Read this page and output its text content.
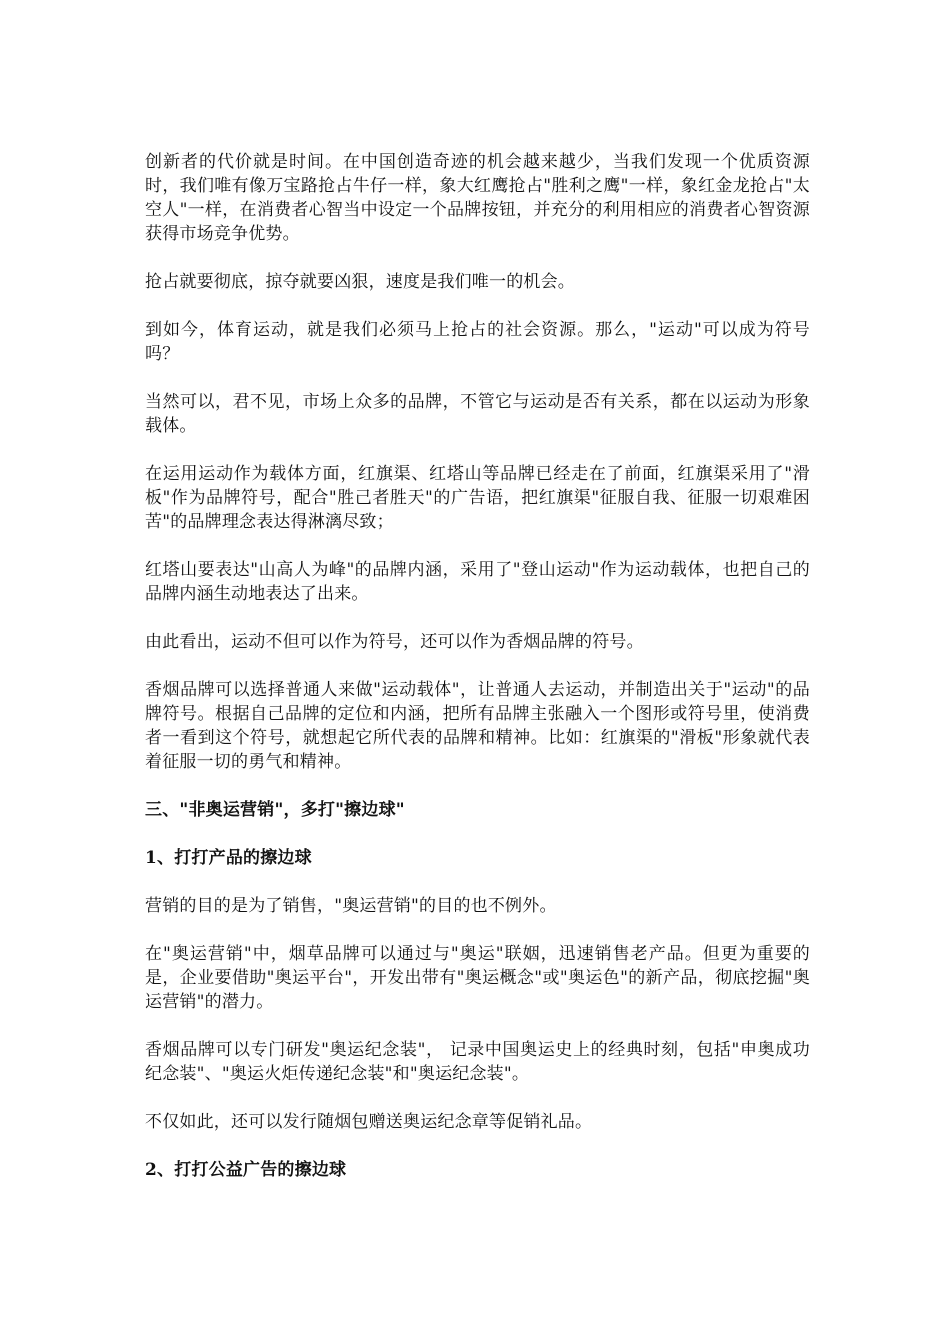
创新者的代价就是时间。在中国创造奇迹的机会越来越少，当我们发现一个优质资源时，我们唯有像万宝路抢占牛仔一样，象大红鹰抢占"胜利之鹰"一样，象红金龙抢占"太空人"一样，在消费者心智当中设定一个品牌按钮，并充分的利用相应的消费者心智资源获得市场竞争优势。

抢占就要彻底，掠夺就要凶狠，速度是我们唯一的机会。

到如今，体育运动，就是我们必须马上抢占的社会资源。那么，"运动"可以成为符号吗？

当然可以，君不见，市场上众多的品牌，不管它与运动是否有关系，都在以运动为形象载体。

在运用运动作为载体方面，红旗渠、红塔山等品牌已经走在了前面，红旗渠采用了"滑板"作为品牌符号，配合"胜己者胜天"的广告语，把红旗渠"征服自我、征服一切艰难困苦"的品牌理念表达得淋漓尽致；

红塔山要表达"山高人为峰"的品牌内涵，采用了"登山运动"作为运动载体，也把自己的品牌内涵生动地表达了出来。

由此看出，运动不但可以作为符号，还可以作为香烟品牌的符号。

香烟品牌可以选择普通人来做"运动载体"，让普通人去运动，并制造出关于"运动"的品牌符号。根据自己品牌的定位和内涵，把所有品牌主张融入一个图形或符号里，使消费者一看到这个符号，就想起它所代表的品牌和精神。比如：红旗渠的"滑板"形象就代表着征服一切的勇气和精神。

三、"非奥运营销"，多打"擦边球"

1、打打产品的擦边球

营销的目的是为了销售，"奥运营销"的目的也不例外。

在"奥运营销"中，烟草品牌可以通过与"奥运"联姻，迅速销售老产品。但更为重要的是，企业要借助"奥运平台"，开发出带有"奥运概念"或"奥运色"的新产品，彻底挖掘"奥运营销"的潜力。

香烟品牌可以专门研发"奥运纪念装"， 记录中国奥运史上的经典时刻，包括"申奥成功纪念装"、"奥运火炬传递纪念装"和"奥运纪念装"。

不仅如此，还可以发行随烟包赠送奥运纪念章等促销礼品。

2、打打公益广告的擦边球
